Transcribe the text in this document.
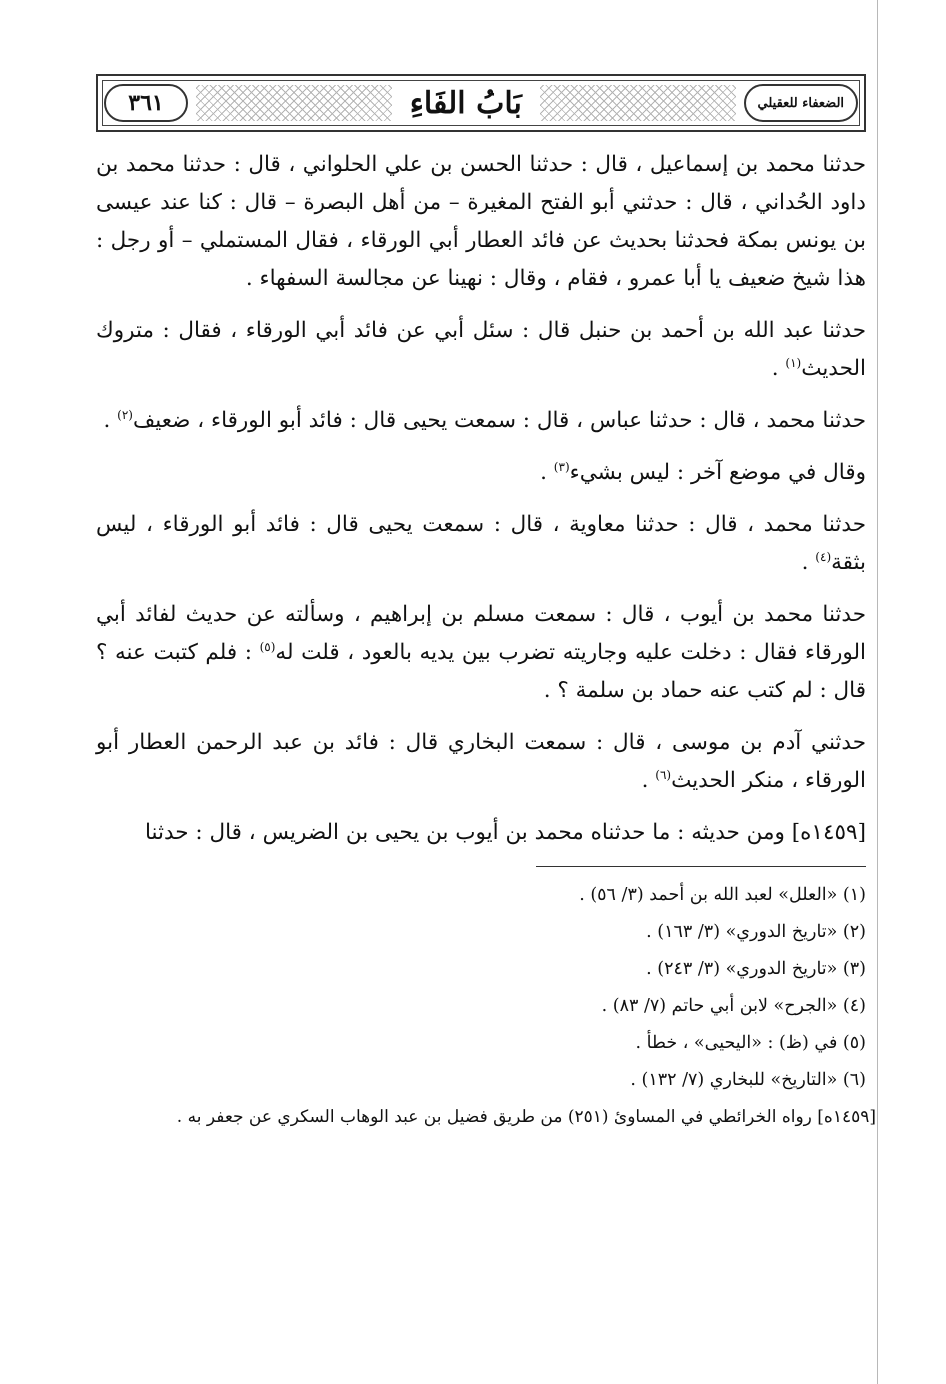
٣٦١	بَابُ الفَاءِ	الضعفاء للعقيلي

حدثنا محمد بن إسماعيل ، قال : حدثنا الحسن بن علي الحلواني ، قال : حدثنا محمد بن داود الحُداني ، قال : حدثني أبو الفتح المغيرة – من أهل البصرة – قال : كنا عند عيسى بن يونس بمكة فحدثنا بحديث عن فائد العطار أبي الورقاء ، فقال المستملي – أو رجل : هذا شيخ ضعيف يا أبا عمرو ، فقام ، وقال : نهينا عن مجالسة السفهاء .

حدثنا عبد الله بن أحمد بن حنبل قال : سئل أبي عن فائد أبي الورقاء ، فقال : متروك الحديث$^{(١)}$ .

حدثنا محمد ، قال : حدثنا عباس ، قال : سمعت يحيى قال : فائد أبو الورقاء ، ضعيف$^{(٢)}$ .

وقال في موضع آخر : ليس بشيء$^{(٣)}$ .

حدثنا محمد ، قال : حدثنا معاوية ، قال : سمعت يحيى قال : فائد أبو الورقاء ، ليس بثقة$^{(٤)}$ .

حدثنا محمد بن أيوب ، قال : سمعت مسلم بن إبراهيم ، وسألته عن حديث لفائد أبي الورقاء فقال : دخلت عليه وجاريته تضرب بين يديه بالعود ، قلت له$^{(٥)}$ : فلم كتبت عنه ؟ قال : لم كتب عنه حماد بن سلمة ؟ .

حدثني آدم بن موسى ، قال : سمعت البخاري قال : فائد بن عبد الرحمن العطار أبو الورقاء ، منكر الحديث$^{(٦)}$ .

[١٤٥٩ه] ومن حديثه : ما حدثناه محمد بن أيوب بن يحيى بن الضريس ، قال : حدثنا

(١) «العلل» لعبد الله بن أحمد (٣/ ٥٦) .

(٢) «تاريخ الدوري» (٣/ ١٦٣) .

(٣) «تاريخ الدوري» (٣/ ٢٤٣) .

(٤) «الجرح» لابن أبي حاتم (٧/ ٨٣) .

(٥) في (ظ) : «اليحيى» ، خطأ .

(٦) «التاريخ» للبخاري (٧/ ١٣٢) .

[١٤٥٩ه] رواه الخرائطي في المساوئ (٢٥١) من طريق فضيل بن عبد الوهاب السكري عن جعفر به .
